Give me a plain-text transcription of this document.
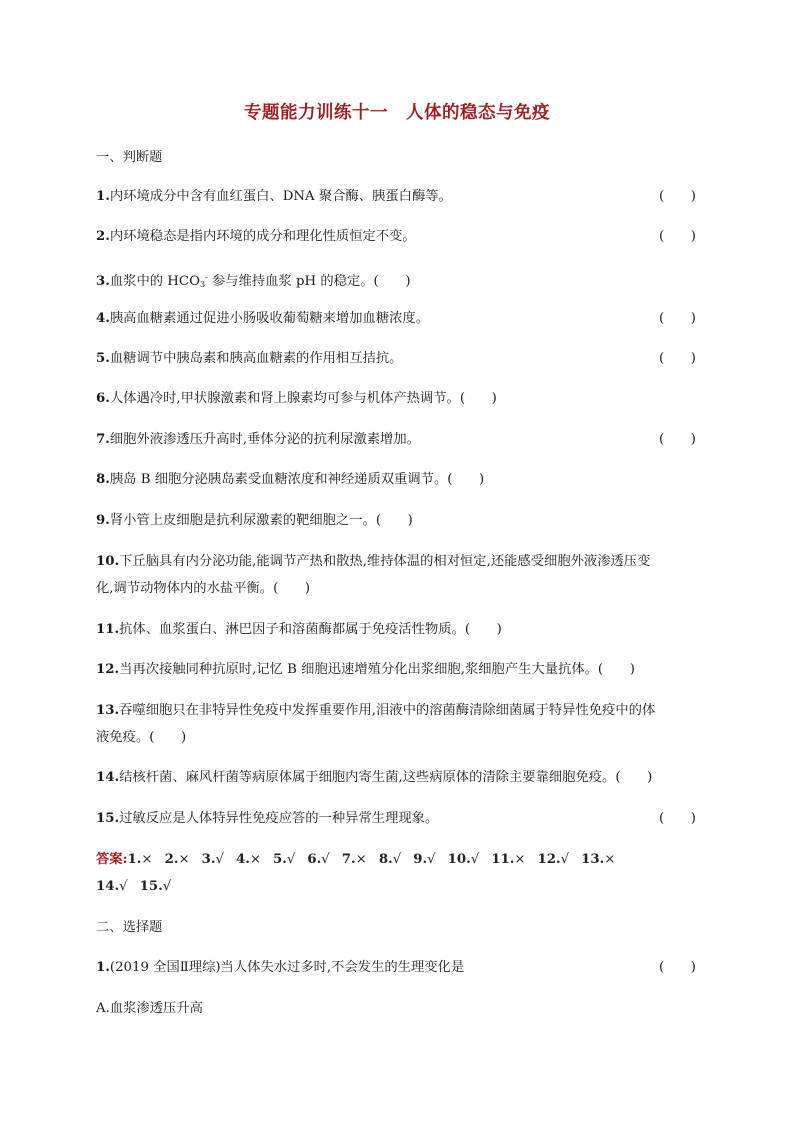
专题能力训练十一　人体的稳态与免疫
一、判断题
1.内环境成分中含有血红蛋白、DNA 聚合酶、胰蛋白酶等。	(　　)
2.内环境稳态是指内环境的成分和理化性质恒定不变。	(　　)
3.血浆中的 $HCO_3^-$ 参与维持血浆 pH 的稳定。(　　)
4.胰高血糖素通过促进小肠吸收葡萄糖来增加血糖浓度。	(　　)
5.血糖调节中胰岛素和胰高血糖素的作用相互拮抗。	(　　)
6.人体遇冷时,甲状腺激素和肾上腺素均可参与机体产热调节。(　　)
7.细胞外液渗透压升高时,垂体分泌的抗利尿激素增加。	(　　)
8.胰岛 B 细胞分泌胰岛素受血糖浓度和神经递质双重调节。(　　)
9.肾小管上皮细胞是抗利尿激素的靶细胞之一。(　　)
10.下丘脑具有内分泌功能,能调节产热和散热,维持体温的相对恒定,还能感受细胞外液渗透压变
化,调节动物体内的水盐平衡。(　　)
11.抗体、血浆蛋白、淋巴因子和溶菌酶都属于免疫活性物质。(　　)
12.当再次接触同种抗原时,记忆 B 细胞迅速增殖分化出浆细胞,浆细胞产生大量抗体。(　　)
13.吞噬细胞只在非特异性免疫中发挥重要作用,泪液中的溶菌酶清除细菌属于特异性免疫中的体
液免疫。(　　)
14.结核杆菌、麻风杆菌等病原体属于细胞内寄生菌,这些病原体的清除主要靠细胞免疫。(　　)
15.过敏反应是人体特异性免疫应答的一种异常生理现象。	(　　)
答案:1.× 2.× 3.√ 4.× 5.√ 6.√ 7.× 8.√ 9.√ 10.√ 11.× 12.√ 13.×
14.√ 15.√
二、选择题
1.(2019 全国Ⅱ理综)当人体失水过多时,不会发生的生理变化是	(　　)
A.血浆渗透压升高
